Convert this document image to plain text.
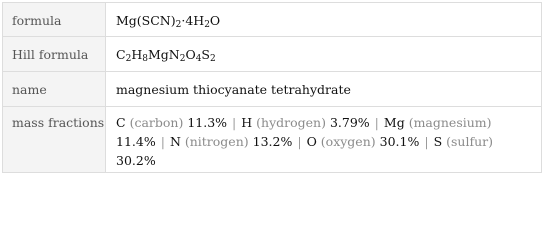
formula	$Mg(SCN)_2\cdot 4H_2O$
Hill formula	$C_2H_8MgN_2O_4S_2$
name	magnesium thiocyanate tetrahydrate
mass fractions	C (carbon) 11.3% | H (hydrogen) 3.79% | Mg (magnesium) 11.4% | N (nitrogen) 13.2% | O (oxygen) 30.1% | S (sulfur) 30.2%
